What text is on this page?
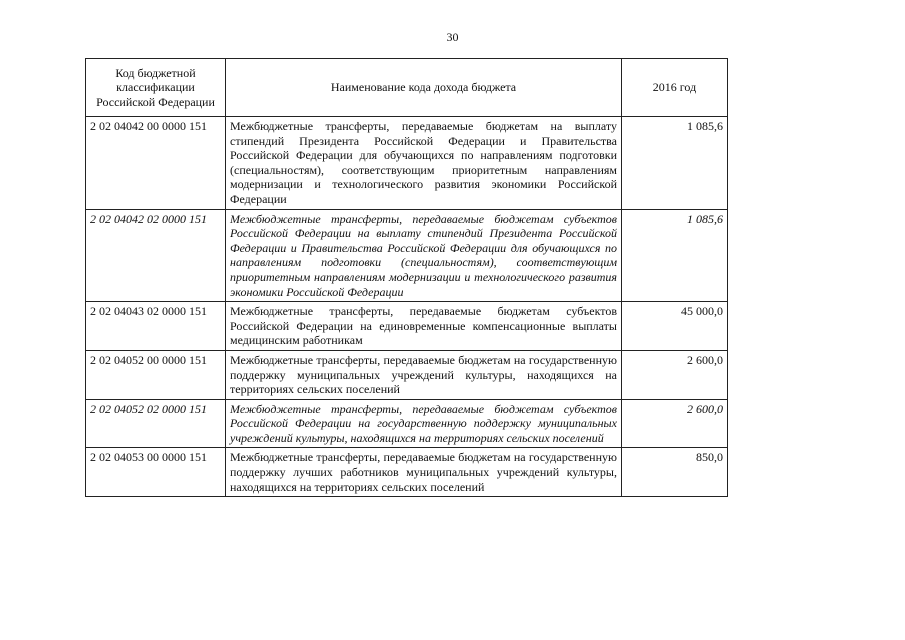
30
Код бюджетной классификации Российской Федерации	Наименование кода дохода бюджета	2016 год
2 02 04042 00 0000 151	Межбюджетные трансферты, передаваемые бюджетам на выплату стипендий Президента Российской Федерации и Правительства Российской Федерации для обучающихся по направлениям подготовки (специальностям), соответствующим приоритетным направлениям модернизации и технологического развития экономики Российской Федерации	1 085,6
2 02 04042 02 0000 151	Межбюджетные трансферты, передаваемые бюджетам субъектов Российской Федерации на выплату стипендий Президента Российской Федерации и Правительства Российской Федерации для обучающихся по направлениям подготовки (специальностям), соответствующим приоритетным направлениям модернизации и технологического развития экономики Российской Федерации	1 085,6
2 02 04043 02 0000 151	Межбюджетные трансферты, передаваемые бюджетам субъектов Российской Федерации на единовременные компенсационные выплаты медицинским работникам	45 000,0
2 02 04052 00 0000 151	Межбюджетные трансферты, передаваемые бюджетам на государственную поддержку муниципальных учреждений культуры, находящихся на территориях сельских поселений	2 600,0
2 02 04052 02 0000 151	Межбюджетные трансферты, передаваемые бюджетам субъектов Российской Федерации на государственную поддержку муниципальных учреждений культуры, находящихся на территориях сельских поселений	2 600,0
2 02 04053 00 0000 151	Межбюджетные трансферты, передаваемые бюджетам на государственную поддержку лучших работников муниципальных учреждений культуры, находящихся на территориях сельских поселений	850,0
